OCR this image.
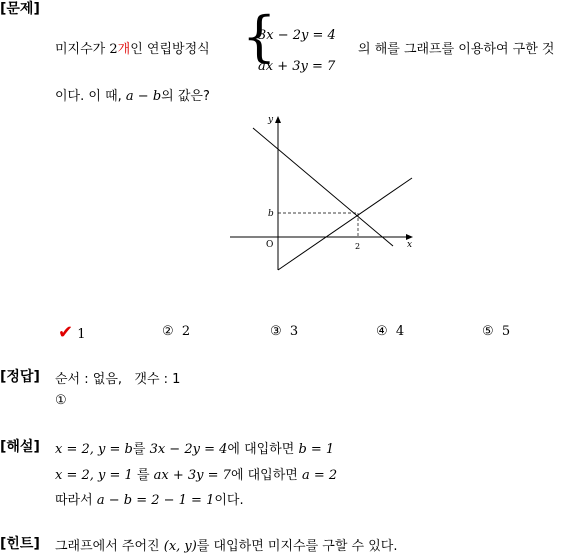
[문제]
미지수가 2개인 연립방정식 {
3x − 2y = 4
ax + 3y = 7
의 해를 그래프를 이용하여 구한 것
이다. 이 때, a − b의 값은?
y
x
O
b
2
✔ 1	② 2	③ 3	④ 4	⑤ 5
[정답] 순서 : 없음, 갯수 : 1
①
[해설] x = 2, y = b를 3x − 2y = 4에 대입하면 b = 1
x = 2, y = 1 를 ax + 3y = 7에 대입하면 a = 2
따라서 a − b = 2 − 1 = 1이다.
[힌트] 그래프에서 주어진 (x, y)를 대입하면 미지수를 구할 수 있다.
